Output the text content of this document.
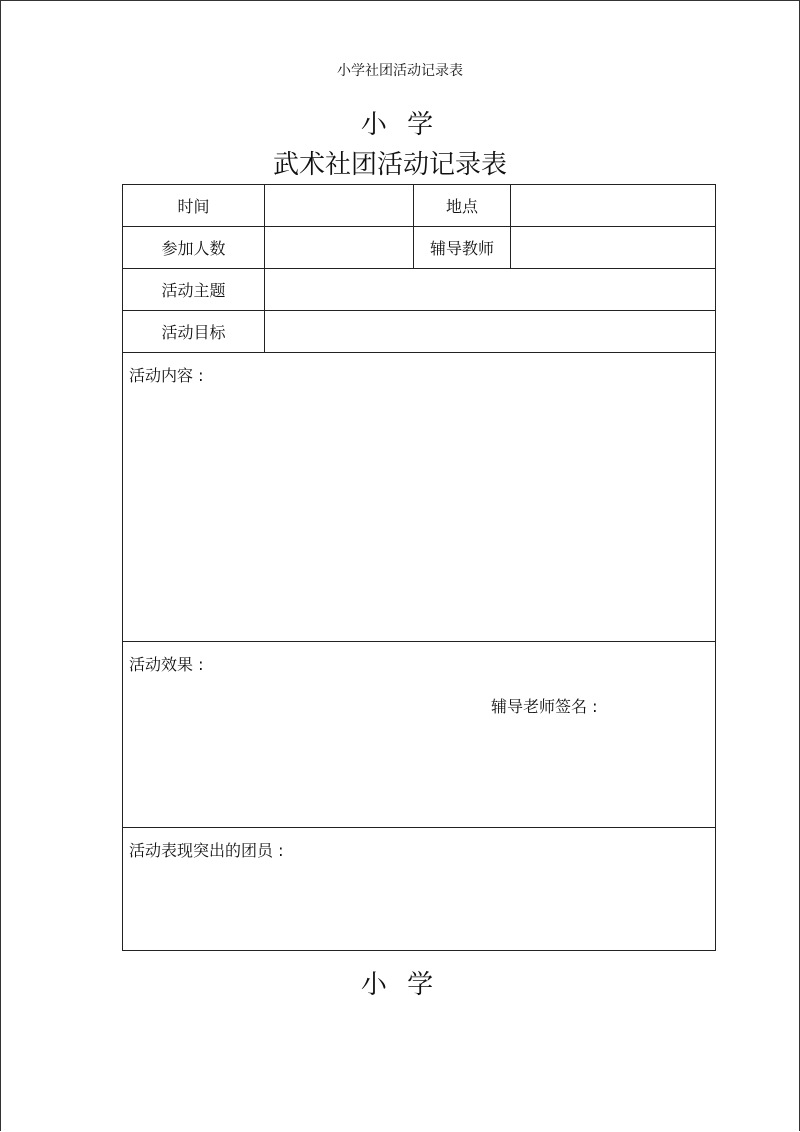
小学社团活动记录表
小 学
武术社团活动记录表
时间		地点	
参加人数		辅导教师	
活动主题			
活动目标			

活动内容 :			

活动效果 :
辅导老师签名 :			

活动表现突出的团员 :			
小 学
